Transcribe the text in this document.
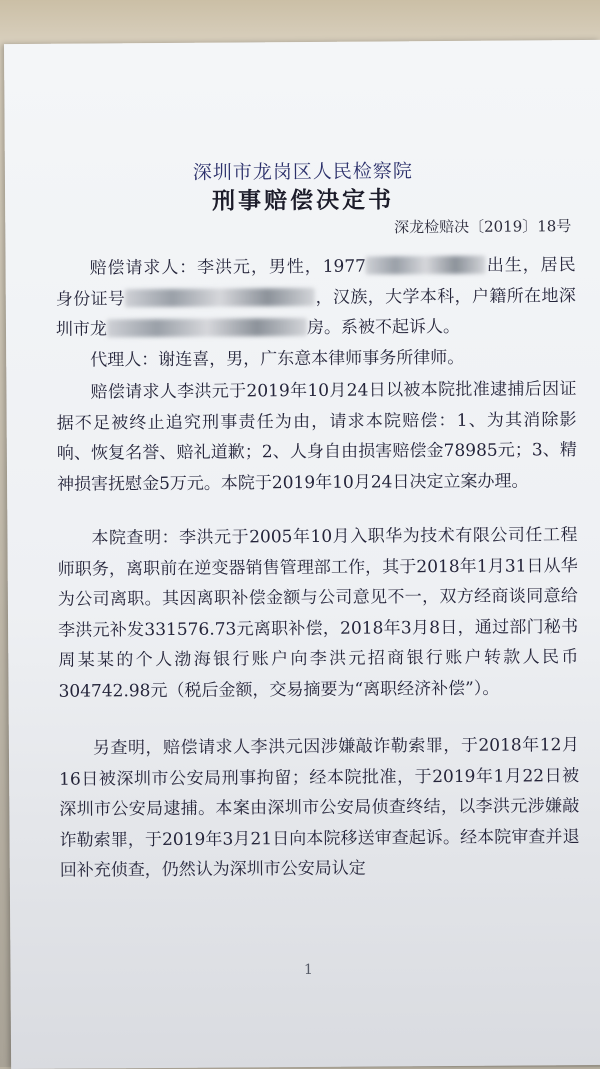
深圳市龙岗区人民检察院
刑事赔偿决定书
深龙检赔决〔2019〕18号

赔偿请求人：李洪元，男性，1977	出生，居民身份证号	，汉族，大学本科，户籍所在地深圳市龙	房。系被不起诉人。

代理人：谢连喜，男，广东意本律师事务所律师。

赔偿请求人李洪元于2019年10月24日以被本院批准逮捕后因证据不足被终止追究刑事责任为由，请求本院赔偿：1、为其消除影响、恢复名誉、赔礼道歉；2、人身自由损害赔偿金78985元；3、精神损害抚慰金5万元。本院于2019年10月24日决定立案办理。

本院查明：李洪元于2005年10月入职华为技术有限公司任工程师职务，离职前在逆变器销售管理部工作，其于2018年1月31日从华为公司离职。其因离职补偿金额与公司意见不一，双方经商谈同意给李洪元补发331576.73元离职补偿，2018年3月8日，通过部门秘书周某某的个人渤海银行账户向李洪元招商银行账户转款人民币304742.98元（税后金额，交易摘要为“离职经济补偿”）。

另查明，赔偿请求人李洪元因涉嫌敲诈勒索罪，于2018年12月16日被深圳市公安局刑事拘留；经本院批准，于2019年1月22日被深圳市公安局逮捕。本案由深圳市公安局侦查终结，以李洪元涉嫌敲诈勒索罪，于2019年3月21日向本院移送审查起诉。经本院审查并退回补充侦查，仍然认为深圳市公安局认定

1
